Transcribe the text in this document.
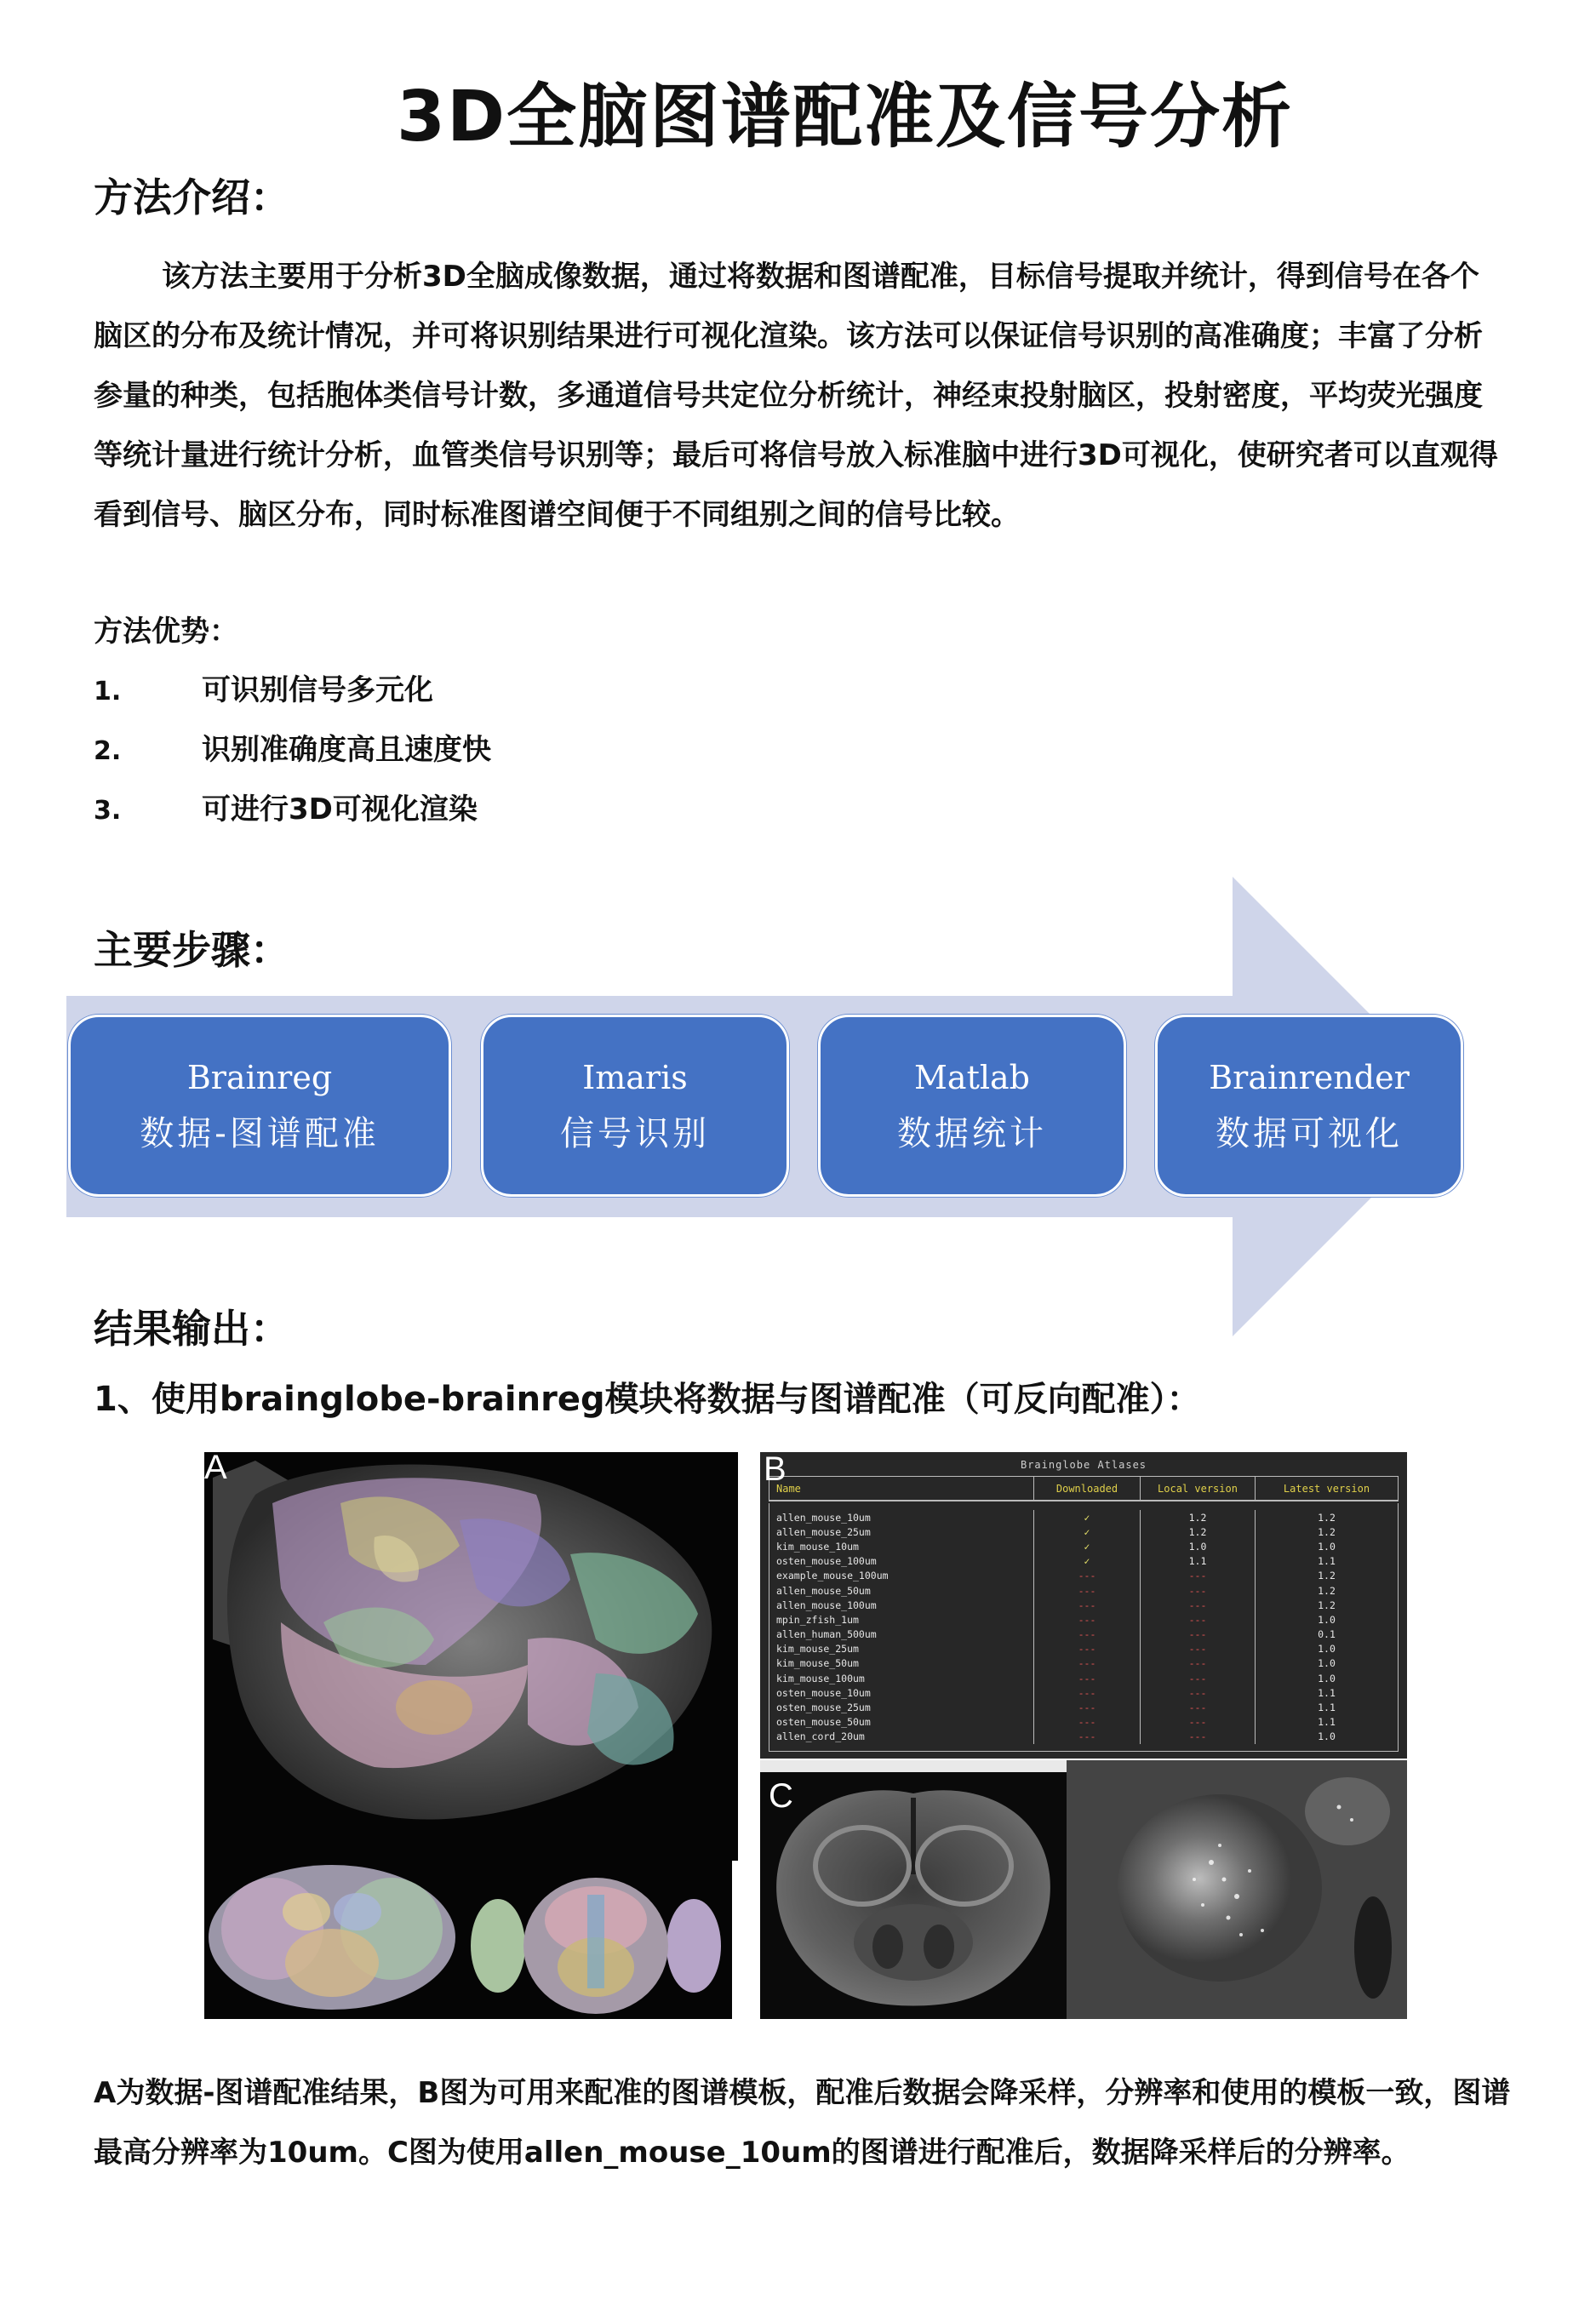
3D全脑图谱配准及信号分析
方法介绍：
该方法主要用于分析3D全脑成像数据，通过将数据和图谱配准，目标信号提取并统计，得到信号在各个脑区的分布及统计情况，并可将识别结果进行可视化渲染。该方法可以保证信号识别的高准确度；丰富了分析参量的种类，包括胞体类信号计数，多通道信号共定位分析统计，神经束投射脑区，投射密度，平均荧光强度等统计量进行统计分析，血管类信号识别等；最后可将信号放入标准脑中进行3D可视化，使研究者可以直观得看到信号、脑区分布，同时标准图谱空间便于不同组别之间的信号比较。
方法优势：
1.	可识别信号多元化
2.	识别准确度高且速度快
3.	可进行3D可视化渲染
Brainreg
数据-图谱配准
Imaris
信号识别
Matlab
数据统计
Brainrender
数据可视化
主要步骤：
结果输出：
1、使用brainglobe-brainreg模块将数据与图谱配准（可反向配准）：
A	Brainglobe Atlases
Name	Downloaded	Local version	Latest version
allen_mouse_10um	✓	1.2	1.2
allen_mouse_25um	✓	1.2	1.2
kim_mouse_10um	✓	1.0	1.0
osten_mouse_100um	✓	1.1	1.1
example_mouse_100um	---	---	1.2
allen_mouse_50um	---	---	1.2
allen_mouse_100um	---	---	1.2
mpin_zfish_1um	---	---	1.0
allen_human_500um	---	---	0.1
kim_mouse_25um	---	---	1.0
kim_mouse_50um	---	---	1.0
kim_mouse_100um	---	---	1.0
osten_mouse_10um	---	---	1.1
osten_mouse_25um	---	---	1.1
osten_mouse_50um	---	---	1.1
allen_cord_20um	---	---	1.0
B
C
A为数据-图谱配准结果，B图为可用来配准的图谱模板，配准后数据会降采样，分辨率和使用的模板一致，图谱最高分辨率为10um。C图为使用allen_mouse_10um的图谱进行配准后，数据降采样后的分辨率。
